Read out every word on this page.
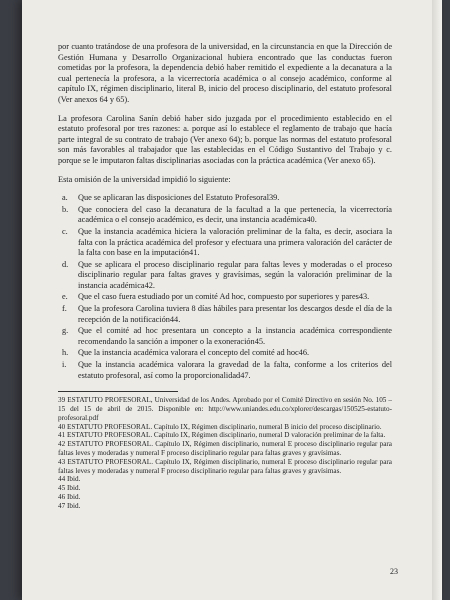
por cuanto tratándose de una profesora de la universidad, en la circunstancia en que la Dirección de Gestión Humana y Desarrollo Organizacional hubiera encontrado que las conductas fueron cometidas por la profesora, la dependencia debió haber remitido el expediente a la decanatura a la cual pertenecía la profesora, a la vicerrectoría académica o al consejo académico, conforme al capítulo IX, régimen disciplinario, literal B, inicio del proceso disciplinario, del estatuto profesoral (Ver anexos 64 y 65).

La profesora Carolina Sanín debió haber sido juzgada por el procedimiento establecido en el estatuto profesoral por tres razones: a. porque así lo establece el reglamento de trabajo que hacía parte integral de su contrato de trabajo (Ver anexo 64); b. porque las normas del estatuto profesoral son más favorables al trabajador que las establecidas en el Código Sustantivo del Trabajo y c. porque se le imputaron faltas disciplinarias asociadas con la práctica académica (Ver anexo 65).

Esta omisión de la universidad impidió lo siguiente:

a.	Que se aplicaran las disposiciones del Estatuto Profesoral39.
b.	Que conociera del caso la decanatura de la facultad a la que pertenecía, la vicerrectoría académica o el consejo académico, es decir, una instancia académica40.
c.	Que la instancia académica hiciera la valoración preliminar de la falta, es decir, asociara la falta con la práctica académica del profesor y efectuara una primera valoración del carácter de la falta con base en la imputación41.
d.	Que se aplicara el proceso disciplinario regular para faltas leves y moderadas o el proceso disciplinario regular para faltas graves y gravísimas, según la valoración preliminar de la instancia académica42.
e.	Que el caso fuera estudiado por un comité Ad hoc, compuesto por superiores y pares43.
f.	Que la profesora Carolina tuviera 8 días hábiles para presentar los descargos desde el día de la recepción de la notificación44.
g.	Que el comité ad hoc presentara un concepto a la instancia académica correspondiente recomendando la sanción a imponer o la exoneración45.
h.	Que la instancia académica valorara el concepto del comité ad hoc46.
i.	Que la instancia académica valorara la gravedad de la falta, conforme a los criterios del estatuto profesoral, así como la proporcionalidad47.
39 ESTATUTO PROFESORAL, Universidad de los Andes. Aprobado por el Comité Directivo en sesión No. 105 – 15 del 15 de abril de 2015. Disponible en: http://www.uniandes.edu.co/xplorer/descargas/150525-estatuto-profesoral.pdf
40 ESTATUTO PROFESORAL. Capítulo IX, Régimen disciplinario, numeral B inicio del proceso disciplinario.
41 ESTATUTO PROFESORAL. Capítulo IX, Régimen disciplinario, numeral D valoración preliminar de la falta.
42 ESTATUTO PROFESORAL. Capítulo IX, Régimen disciplinario, numeral E proceso disciplinario regular para faltas leves y moderadas y numeral F proceso disciplinario regular para faltas graves y gravísimas.
43 ESTATUTO PROFESORAL. Capítulo IX, Régimen disciplinario, numeral E proceso disciplinario regular para faltas leves y moderadas y numeral F proceso disciplinario regular para faltas graves y gravísimas.
44 Ibid.
45 Ibid.
46 Ibid.
47 Ibid.
23
